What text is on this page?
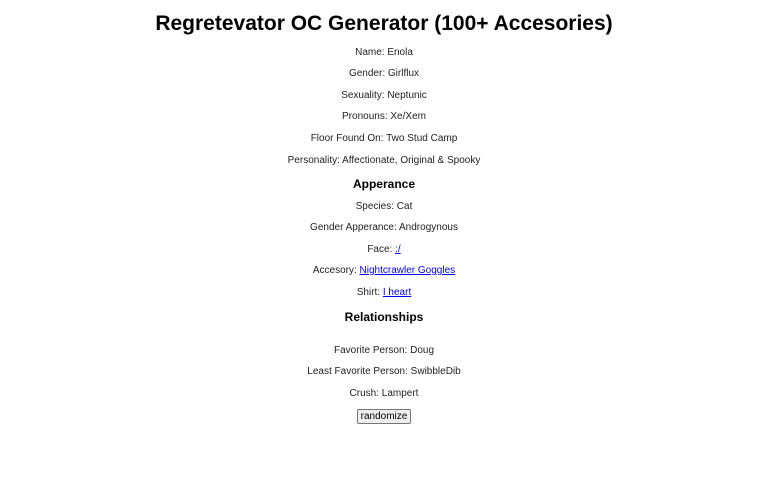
Regretevator OC Generator (100+ Accesories)
Name: Enola
Gender: Girlflux
Sexuality: Neptunic
Pronouns: Xe/Xem
Floor Found On: Two Stud Camp
Personality: Affectionate, Original & Spooky
Apperance
Species: Cat
Gender Apperance: Androgynous
Face: :/
Accesory: Nightcrawler Goggles
Shirt: I heart
Relationships
Favorite Person: Doug
Least Favorite Person: SwibbleDib
Crush: Lampert
randomize
